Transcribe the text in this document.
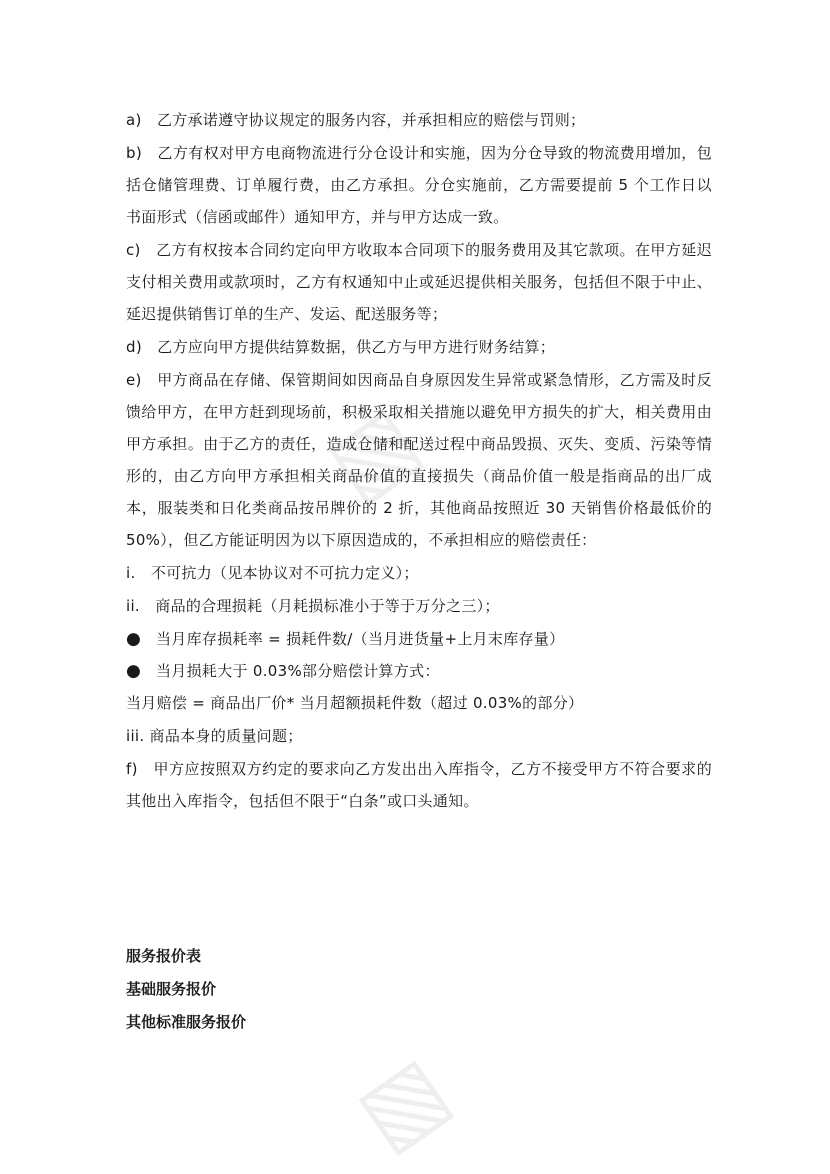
▧
▧

a)　乙方承诺遵守协议规定的服务内容，并承担相应的赔偿与罚则；

b)　乙方有权对甲方电商物流进行分仓设计和实施，因为分仓导致的物流费用增加，包括仓储管理费、订单履行费，由乙方承担。分仓实施前，乙方需要提前 5 个工作日以书面形式（信函或邮件）通知甲方，并与甲方达成一致。

c)　乙方有权按本合同约定向甲方收取本合同项下的服务费用及其它款项。在甲方延迟支付相关费用或款项时，乙方有权通知中止或延迟提供相关服务，包括但不限于中止、延迟提供销售订单的生产、发运、配送服务等；

d)　乙方应向甲方提供结算数据，供乙方与甲方进行财务结算；

e)　甲方商品在存储、保管期间如因商品自身原因发生异常或紧急情形，乙方需及时反馈给甲方，在甲方赶到现场前，积极采取相关措施以避免甲方损失的扩大，相关费用由甲方承担。由于乙方的责任，造成仓储和配送过程中商品毁损、灭失、变质、污染等情形的，由乙方向甲方承担相关商品价值的直接损失（商品价值一般是指商品的出厂成本，服装类和日化类商品按吊牌价的 2 折，其他商品按照近 30 天销售价格最低价的 50%），但乙方能证明因为以下原因造成的，不承担相应的赔偿责任：

i.　不可抗力（见本协议对不可抗力定义）；

ii.　商品的合理损耗（月耗损标准小于等于万分之三）；

● 当月库存损耗率 = 损耗件数/（当月进货量+上月末库存量）
● 当月损耗大于 0.03%部分赔偿计算方式：

当月赔偿 = 商品出厂价* 当月超额损耗件数（超过 0.03%的部分）

iii. 商品本身的质量问题；

f)　甲方应按照双方约定的要求向乙方发出出入库指令，乙方不接受甲方不符合要求的其他出入库指令，包括但不限于“白条”或口头通知。

服务报价表
基础服务报价
其他标准服务报价
